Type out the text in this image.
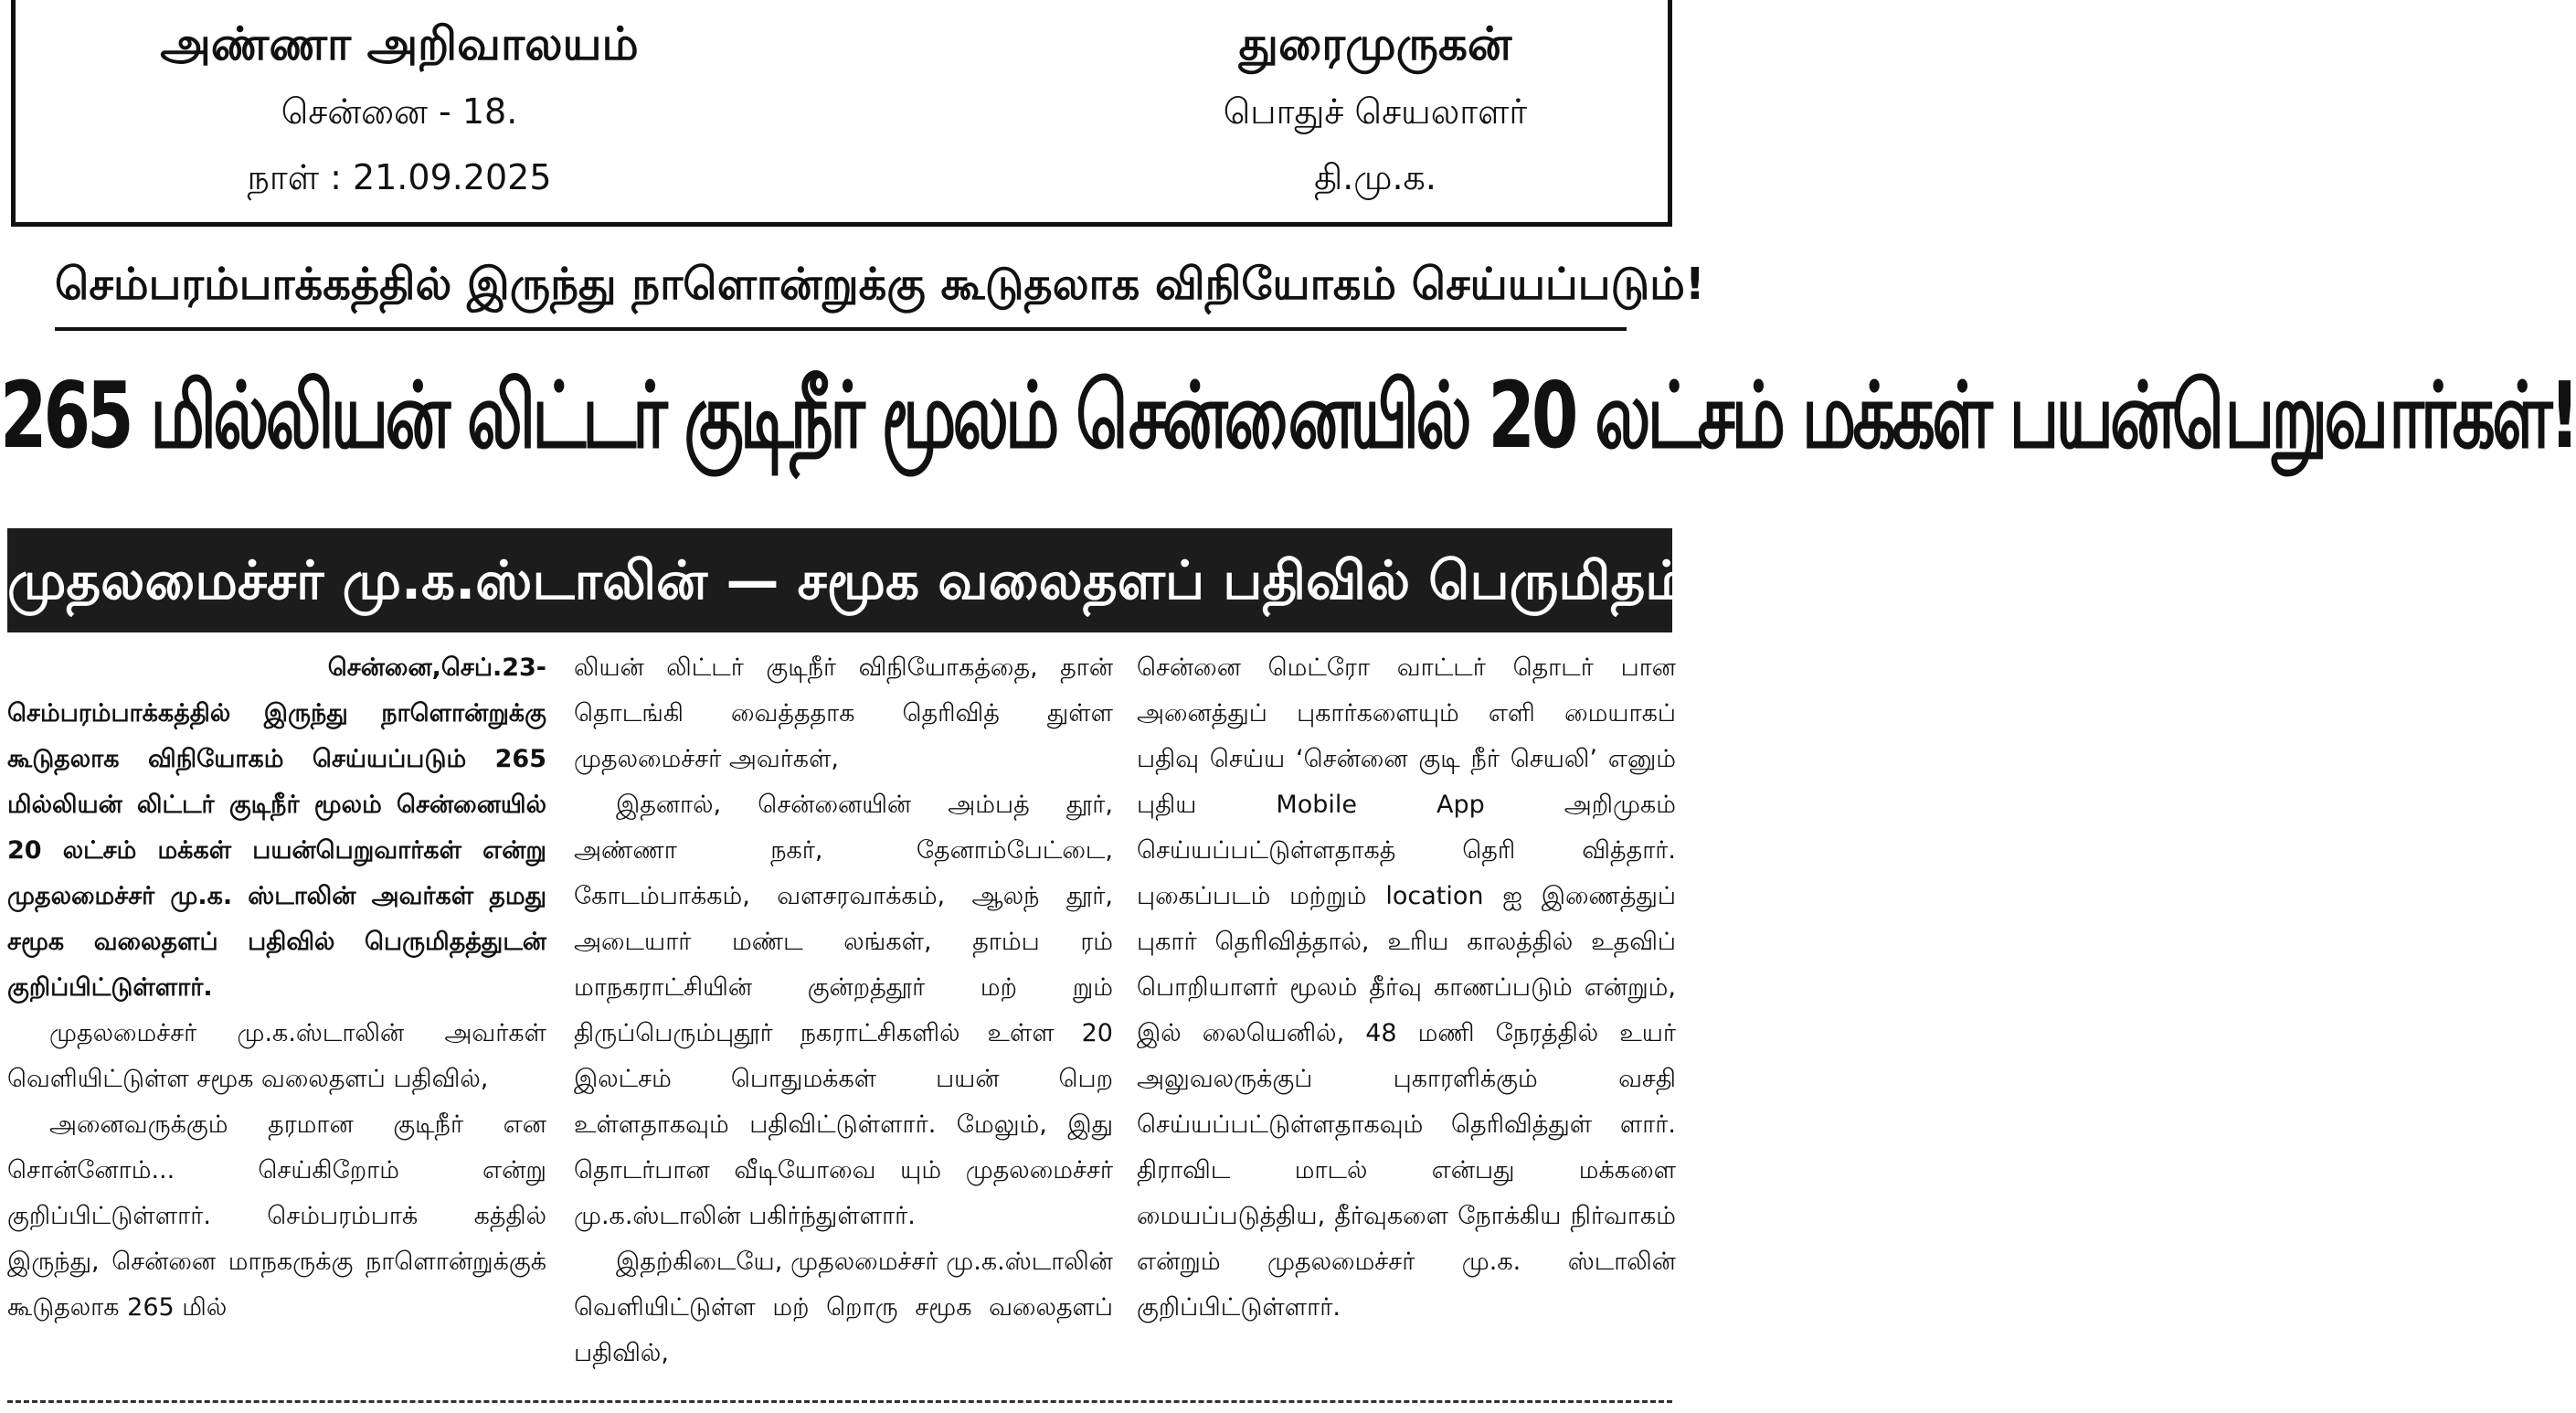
அண்ணா அறிவாலயம்
சென்னை - 18.
நாள் : 21.09.2025
துரைமுருகன்
பொதுச் செயலாளர்
தி.மு.க.
செம்பரம்பாக்கத்தில் இருந்து நாளொன்றுக்கு கூடுதலாக விநியோகம் செய்யப்படும்!
265 மில்லியன் லிட்டர் குடிநீர் மூலம் சென்னையில் 20 லட்சம் மக்கள் பயன்பெறுவார்கள்!
முதலமைச்சர் மு.க.ஸ்டாலின் — சமூக வலைதளப் பதிவில் பெருமிதம்!

சென்னை,செப்.23-

செம்பரம்பாக்கத்தில் இருந்து நாளொன்றுக்கு கூடுதலாக விநியோகம் செய்யப்படும் 265 மில்லியன் லிட்டர் குடிநீர் மூலம் சென்னையில் 20 லட்சம் மக்கள் பயன்பெறுவார்கள் என்று முதலமைச்சர் மு.க. ஸ்டாலின் அவர்கள் தமது சமூக வலைதளப் பதிவில் பெருமிதத்துடன் குறிப்பிட்டுள்ளார்.

முதலமைச்சர் மு.க.ஸ்டாலின் அவர்கள் வெளியிட்டுள்ள சமூக வலைதளப் பதிவில்,

அனைவருக்கும் தரமான குடிநீர் என சொன்னோம்... செய்கிறோம் என்று குறிப்பிட்டுள்ளார். செம்பரம்பாக் கத்தில் இருந்து, சென்னை மாநகருக்கு நாளொன்றுக்குக் கூடுதலாக 265 மில்

லியன் லிட்டர் குடிநீர் விநியோகத்தை, தான் தொடங்கி வைத்ததாக தெரிவித் துள்ள முதலமைச்சர் அவர்கள்,

இதனால், சென்னையின் அம்பத் தூர், அண்ணா நகர், தேனாம்பேட்டை, கோடம்பாக்கம், வளசரவாக்கம், ஆலந் தூர், அடையார் மண்ட லங்கள், தாம்ப ரம் மாநகராட்சியின் குன்றத்தூர் மற் றும் திருப்பெரும்புதூர் நகராட்சிகளில் உள்ள 20 இலட்சம் பொதுமக்கள் பயன் பெற உள்ளதாகவும் பதிவிட்டுள்ளார். மேலும், இது தொடர்பான வீடியோவை யும் முதலமைச்சர் மு.க.ஸ்டாலின் பகிர்ந்துள்ளார்.

இதற்கிடையே, முதலமைச்சர் மு.க.ஸ்டாலின் வெளியிட்டுள்ள மற் றொரு சமூக வலைதளப் பதிவில்,

சென்னை மெட்ரோ வாட்டர் தொடர் பான அனைத்துப் புகார்களையும் எளி மையாகப் பதிவு செய்ய ‘சென்னை குடி நீர் செயலி’ எனும் புதிய Mobile App அறிமுகம் செய்யப்பட்டுள்ளதாகத் தெரி வித்தார். புகைப்படம் மற்றும் location ஐ இணைத்துப் புகார் தெரிவித்தால், உரிய காலத்தில் உதவிப் பொறியாளர் மூலம் தீர்வு காணப்படும் என்றும், இல் லையெனில், 48 மணி நேரத்தில் உயர் அலுவலருக்குப் புகாரளிக்கும் வசதி செய்யப்பட்டுள்ளதாகவும் தெரிவித்துள் ளார். திராவிட மாடல் என்பது மக்களை மையப்படுத்திய, தீர்வுகளை நோக்கிய நிர்வாகம் என்றும் முதலமைச்சர் மு.க. ஸ்டாலின் குறிப்பிட்டுள்ளார்.
